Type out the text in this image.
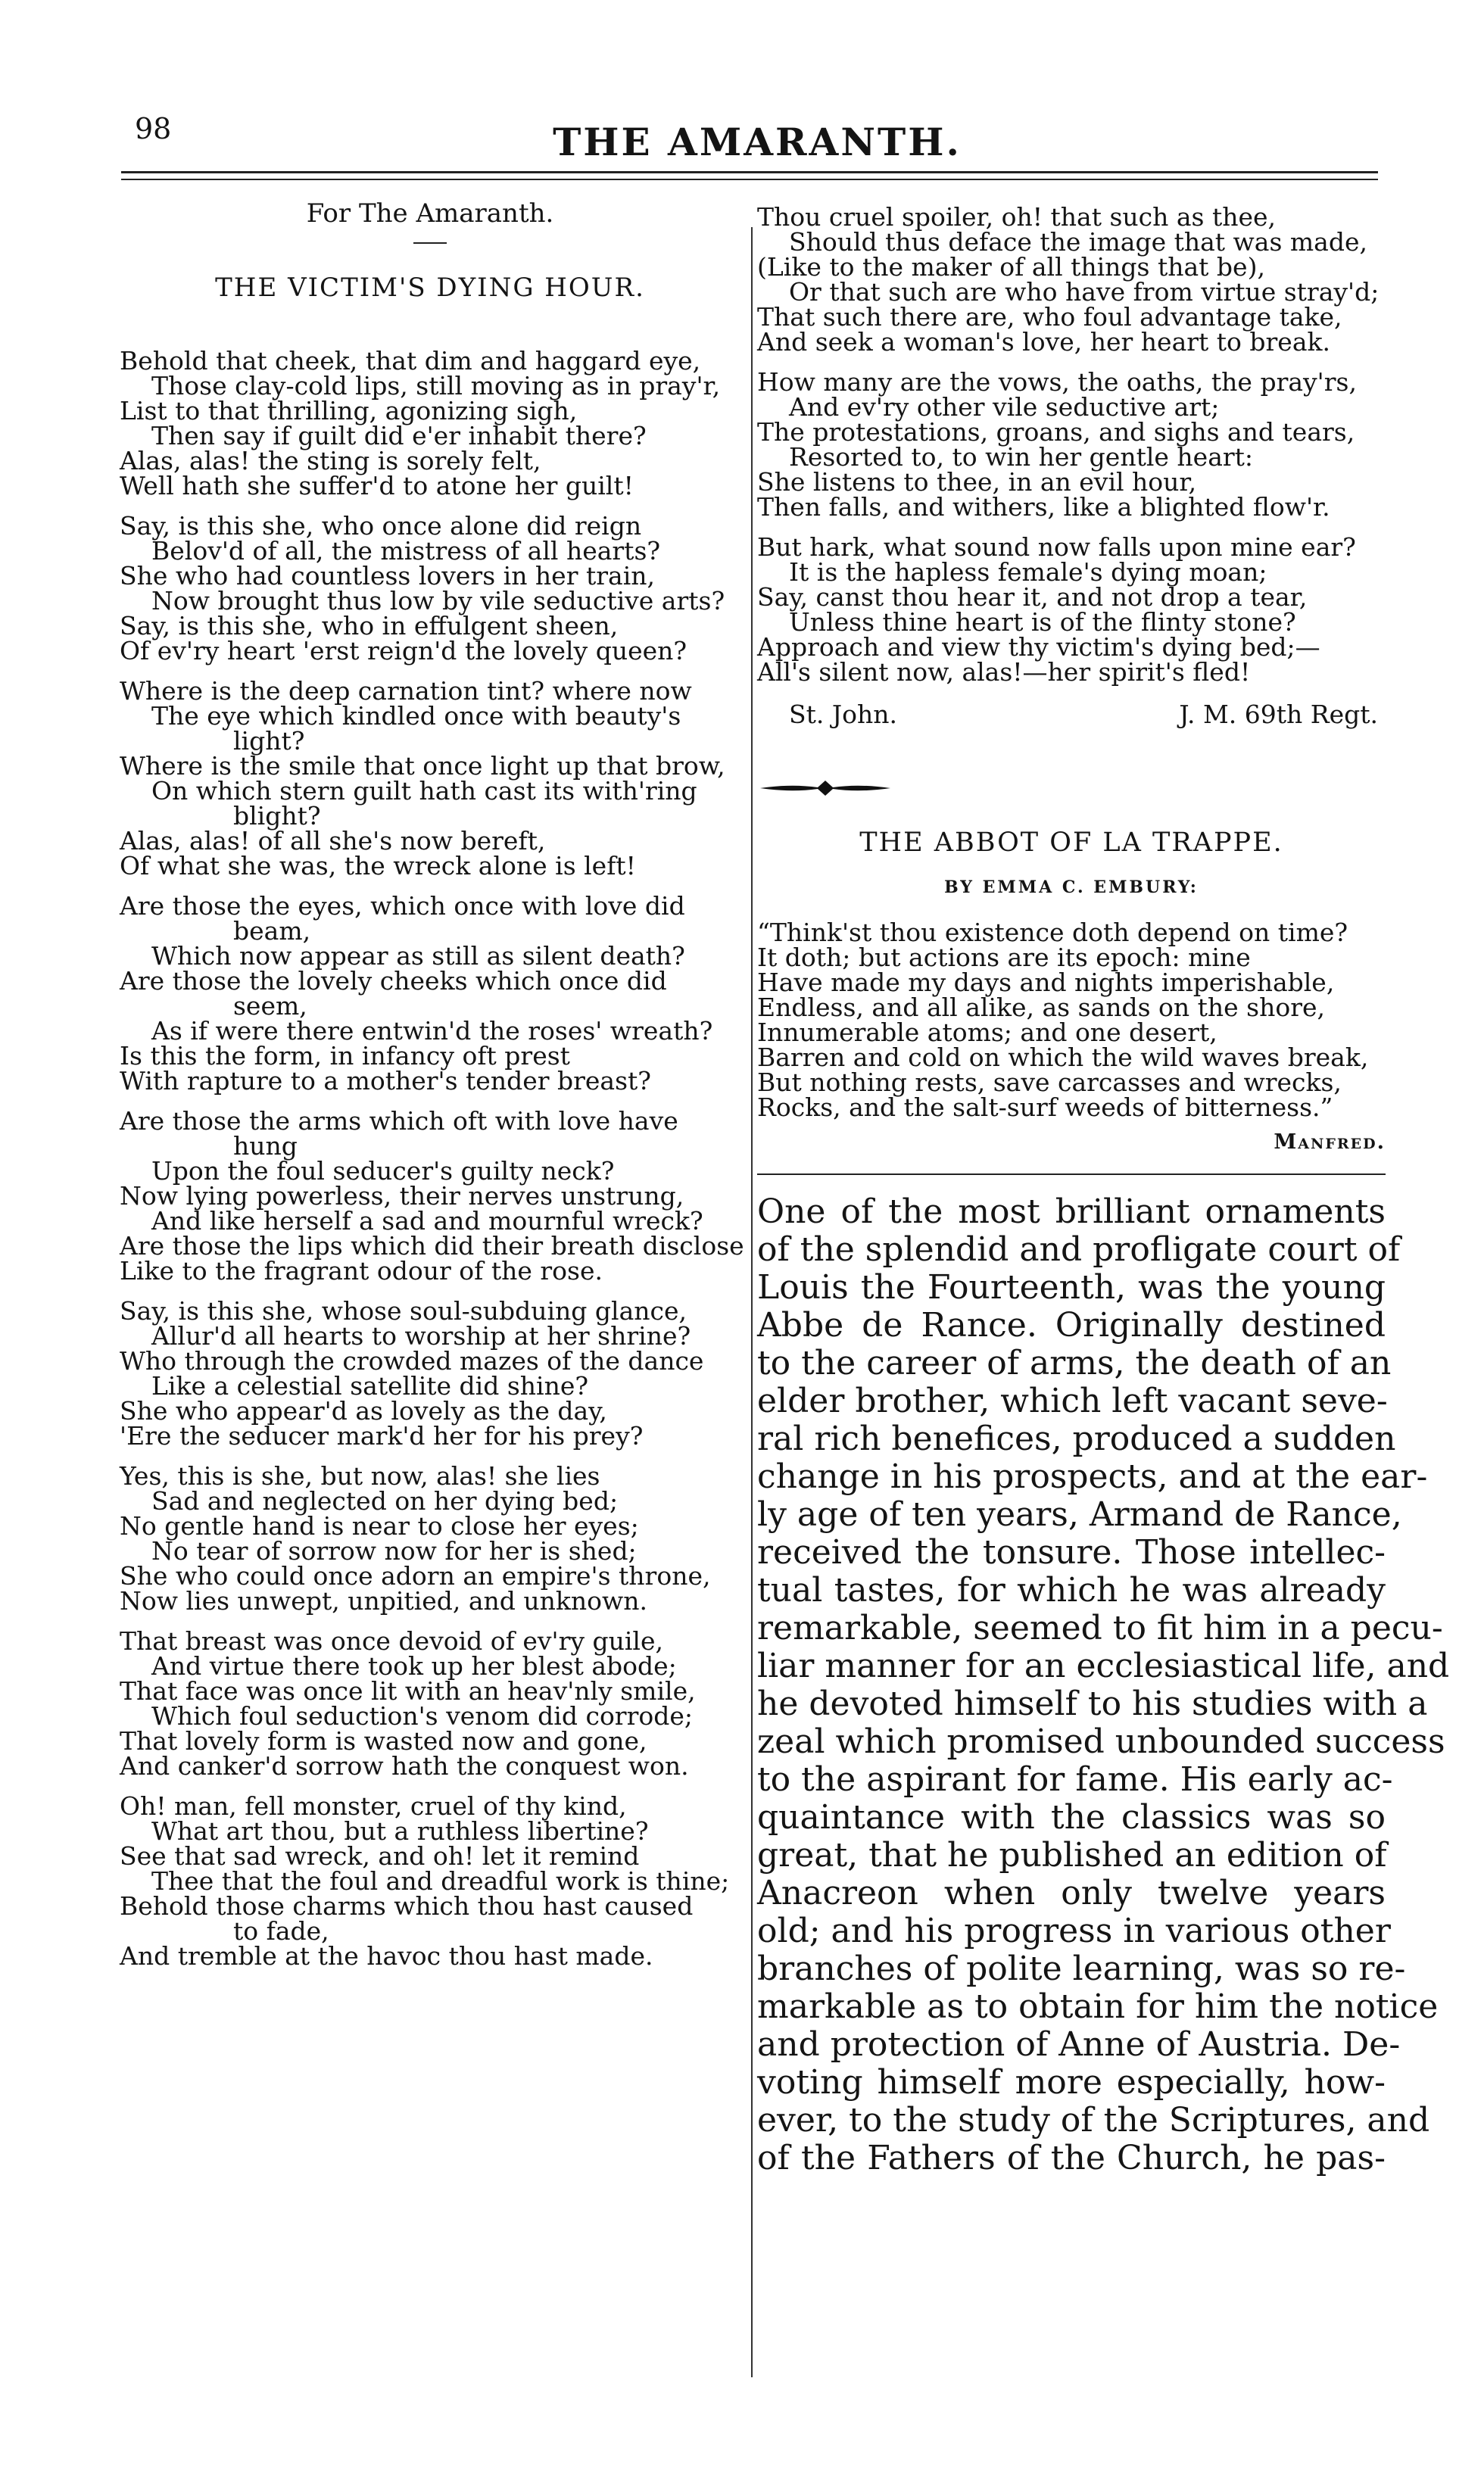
98	THE AMARANTH.
For The Amaranth.
THE VICTIM'S DYING HOUR.
Behold that cheek, that dim and haggard eye,
Those clay-cold lips, still moving as in pray'r,
List to that thrilling, agonizing sigh,
Then say if guilt did e'er inhabit there?
Alas, alas! the sting is sorely felt,
Well hath she suffer'd to atone her guilt!
Say, is this she, who once alone did reign
Belov'd of all, the mistress of all hearts?
She who had countless lovers in her train,
Now brought thus low by vile seductive arts?
Say, is this she, who in effulgent sheen,
Of ev'ry heart 'erst reign'd the lovely queen?
Where is the deep carnation tint? where now
The eye which kindled once with beauty's
light?
Where is the smile that once light up that brow,
On which stern guilt hath cast its with'ring
blight?
Alas, alas! of all she's now bereft,
Of what she was, the wreck alone is left!
Are those the eyes, which once with love did
beam,
Which now appear as still as silent death?
Are those the lovely cheeks which once did
seem,
As if were there entwin'd the roses' wreath?
Is this the form, in infancy oft prest
With rapture to a mother's tender breast?
Are those the arms which oft with love have
hung
Upon the foul seducer's guilty neck?
Now lying powerless, their nerves unstrung,
And like herself a sad and mournful wreck?
Are those the lips which did their breath disclose
Like to the fragrant odour of the rose.
Say, is this she, whose soul-subduing glance,
Allur'd all hearts to worship at her shrine?
Who through the crowded mazes of the dance
Like a celestial satellite did shine?
She who appear'd as lovely as the day,
'Ere the seducer mark'd her for his prey?
Yes, this is she, but now, alas! she lies
Sad and neglected on her dying bed;
No gentle hand is near to close her eyes;
No tear of sorrow now for her is shed;
She who could once adorn an empire's throne,
Now lies unwept, unpitied, and unknown.
That breast was once devoid of ev'ry guile,
And virtue there took up her blest abode;
That face was once lit with an heav'nly smile,
Which foul seduction's venom did corrode;
That lovely form is wasted now and gone,
And canker'd sorrow hath the conquest won.
Oh! man, fell monster, cruel of thy kind,
What art thou, but a ruthless libertine?
See that sad wreck, and oh! let it remind
Thee that the foul and dreadful work is thine;
Behold those charms which thou hast caused
to fade,
And tremble at the havoc thou hast made.
Thou cruel spoiler, oh! that such as thee,
Should thus deface the image that was made,
(Like to the maker of all things that be),
Or that such are who have from virtue stray'd;
That such there are, who foul advantage take,
And seek a woman's love, her heart to break.
How many are the vows, the oaths, the pray'rs,
And ev'ry other vile seductive art;
The protestations, groans, and sighs and tears,
Resorted to, to win her gentle heart:
She listens to thee, in an evil hour,
Then falls, and withers, like a blighted flow'r.
But hark, what sound now falls upon mine ear?
It is the hapless female's dying moan;
Say, canst thou hear it, and not drop a tear,
Unless thine heart is of the flinty stone?
Approach and view thy victim's dying bed;—
All's silent now, alas!—her spirit's fled!
St. John.	J. M. 69th Regt.
THE ABBOT OF LA TRAPPE.
BY EMMA C. EMBURY:
“Think'st thou existence doth depend on time?
It doth; but actions are its epoch: mine
Have made my days and nights imperishable,
Endless, and all alike, as sands on the shore,
Innumerable atoms; and one desert,
Barren and cold on which the wild waves break,
But nothing rests, save carcasses and wrecks,
Rocks, and the salt-surf weeds of bitterness.”
Manfred.
One of the most brilliant ornaments
of the splendid and profligate court of
Louis the Fourteenth, was the young
Abbe de Rance. Originally destined
to the career of arms, the death of an
elder brother, which left vacant seve-
ral rich benefices, produced a sudden
change in his prospects, and at the ear-
ly age of ten years, Armand de Rance,
received the tonsure. Those intellec-
tual tastes, for which he was already
remarkable, seemed to fit him in a pecu-
liar manner for an ecclesiastical life, and
he devoted himself to his studies with a
zeal which promised unbounded success
to the aspirant for fame. His early ac-
quaintance with the classics was so
great, that he published an edition of
Anacreon when only twelve years
old; and his progress in various other
branches of polite learning, was so re-
markable as to obtain for him the notice
and protection of Anne of Austria. De-
voting himself more especially, how-
ever, to the study of the Scriptures, and
of the Fathers of the Church, he pas-
